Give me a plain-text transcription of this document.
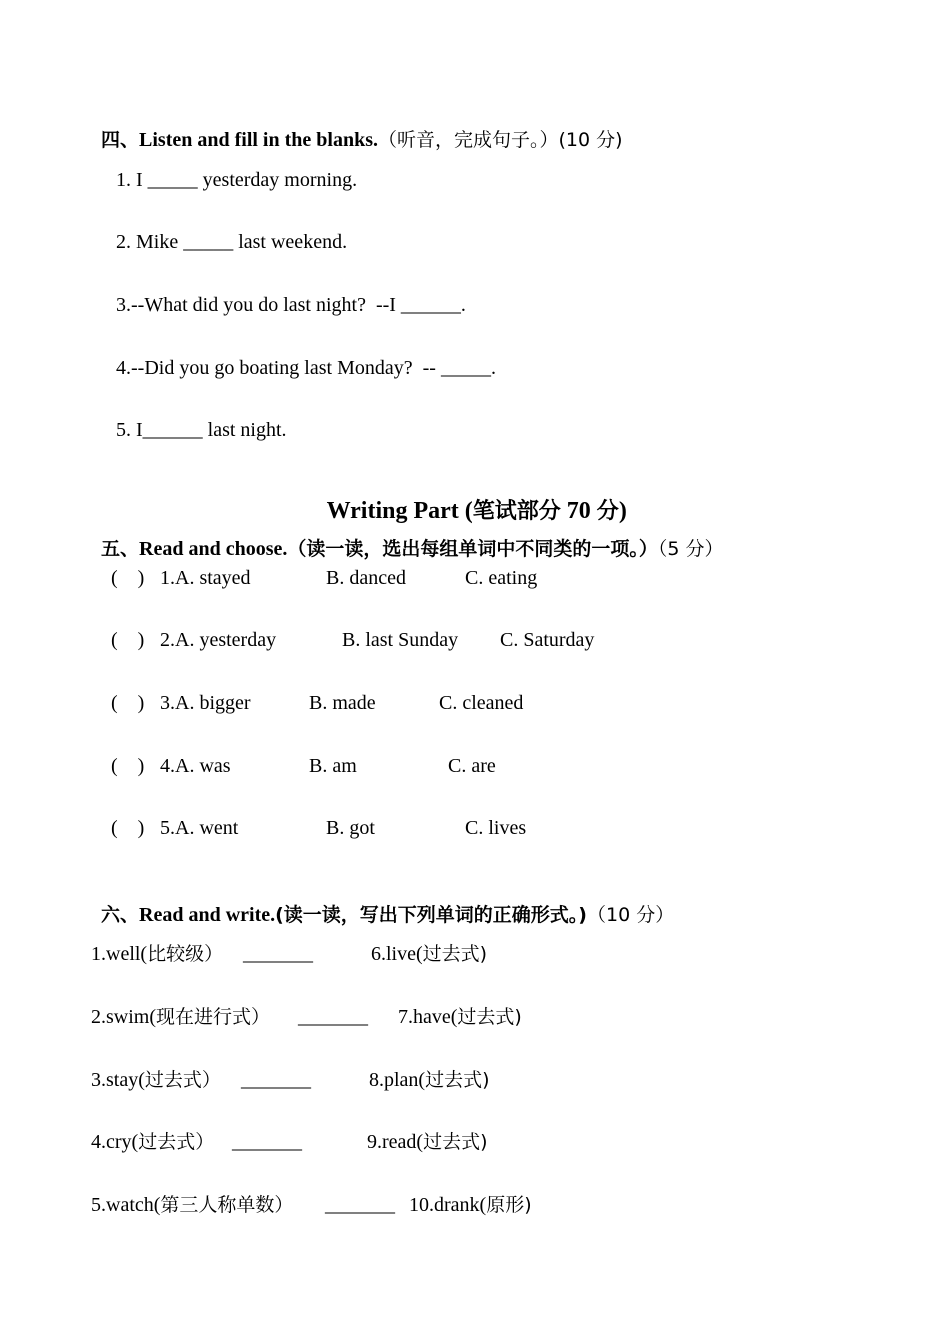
四、Listen and fill in the blanks.（听音，完成句子。）(10 分)

1. I _____ yesterday morning.
2. Mike _____ last weekend.
3.--What did you do last night?  --I ______.
4.--Did you go boating last Monday?  -- _____.
5. I______ last night.

Writing Part (笔试部分 70 分)

五、Read and choose.（读一读，选出每组单词中不同类的一项。）（5 分）

(    ) 1.A. stayed	B. danced	C. eating
(    ) 2.A. yesterday	B. last Sunday C. Saturday
(    ) 3.A. bigger	B. made	C. cleaned
(    ) 4.A. was	B. am	C. are
(    ) 5.A. went	B. got	C. lives

六、Read and write.(读一读，写出下列单词的正确形式。)（10 分）

1.well(比较级） _______	6.live(过去式)
2.swim(现在进行式） _______ 7.have(过去式)
3.stay(过去式） _______	8.plan(过去式)
4.cry(过去式） _______	9.read(过去式)
5.watch(第三人称单数） _______ 10.drank(原形)
